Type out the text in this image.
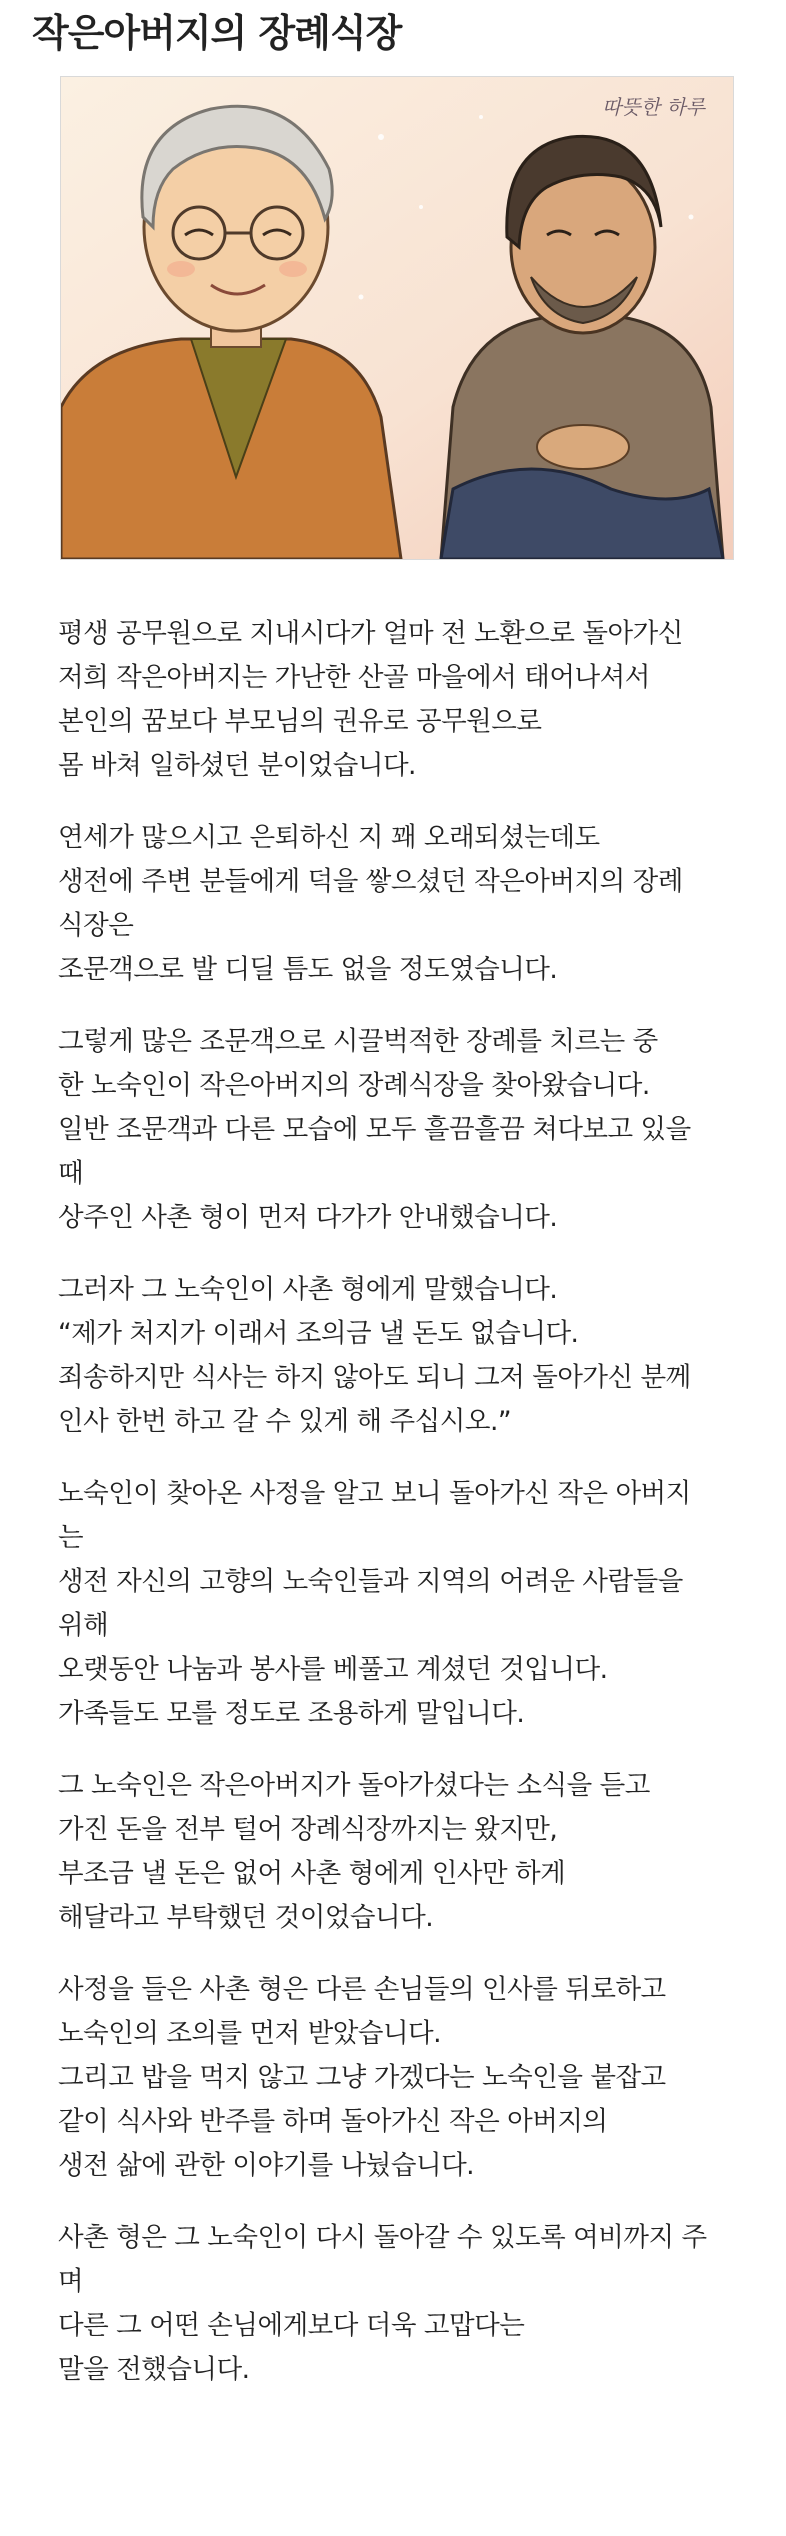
작은아버지의 장례식장
따뜻한 하루
평생 공무원으로 지내시다가 얼마 전 노환으로 돌아가신
저희 작은아버지는 가난한 산골 마을에서 태어나셔서
본인의 꿈보다 부모님의 권유로 공무원으로
몸 바쳐 일하셨던 분이었습니다.
연세가 많으시고 은퇴하신 지 꽤 오래되셨는데도
생전에 주변 분들에게 덕을 쌓으셨던 작은아버지의 장례
식장은
조문객으로 발 디딜 틈도 없을 정도였습니다.
그렇게 많은 조문객으로 시끌벅적한 장례를 치르는 중
한 노숙인이 작은아버지의 장례식장을 찾아왔습니다.
일반 조문객과 다른 모습에 모두 흘끔흘끔 쳐다보고 있을
때
상주인 사촌 형이 먼저 다가가 안내했습니다.
그러자 그 노숙인이 사촌 형에게 말했습니다.
“제가 처지가 이래서 조의금 낼 돈도 없습니다.
죄송하지만 식사는 하지 않아도 되니 그저 돌아가신 분께
인사 한번 하고 갈 수 있게 해 주십시오.”
노숙인이 찾아온 사정을 알고 보니 돌아가신 작은 아버지
는
생전 자신의 고향의 노숙인들과 지역의 어려운 사람들을
위해
오랫동안 나눔과 봉사를 베풀고 계셨던 것입니다.
가족들도 모를 정도로 조용하게 말입니다.
그 노숙인은 작은아버지가 돌아가셨다는 소식을 듣고
가진 돈을 전부 털어 장례식장까지는 왔지만,
부조금 낼 돈은 없어 사촌 형에게 인사만 하게
해달라고 부탁했던 것이었습니다.
사정을 들은 사촌 형은 다른 손님들의 인사를 뒤로하고
노숙인의 조의를 먼저 받았습니다.
그리고 밥을 먹지 않고 그냥 가겠다는 노숙인을 붙잡고
같이 식사와 반주를 하며 돌아가신 작은 아버지의
생전 삶에 관한 이야기를 나눴습니다.
사촌 형은 그 노숙인이 다시 돌아갈 수 있도록 여비까지 주
며
다른 그 어떤 손님에게보다 더욱 고맙다는
말을 전했습니다.
